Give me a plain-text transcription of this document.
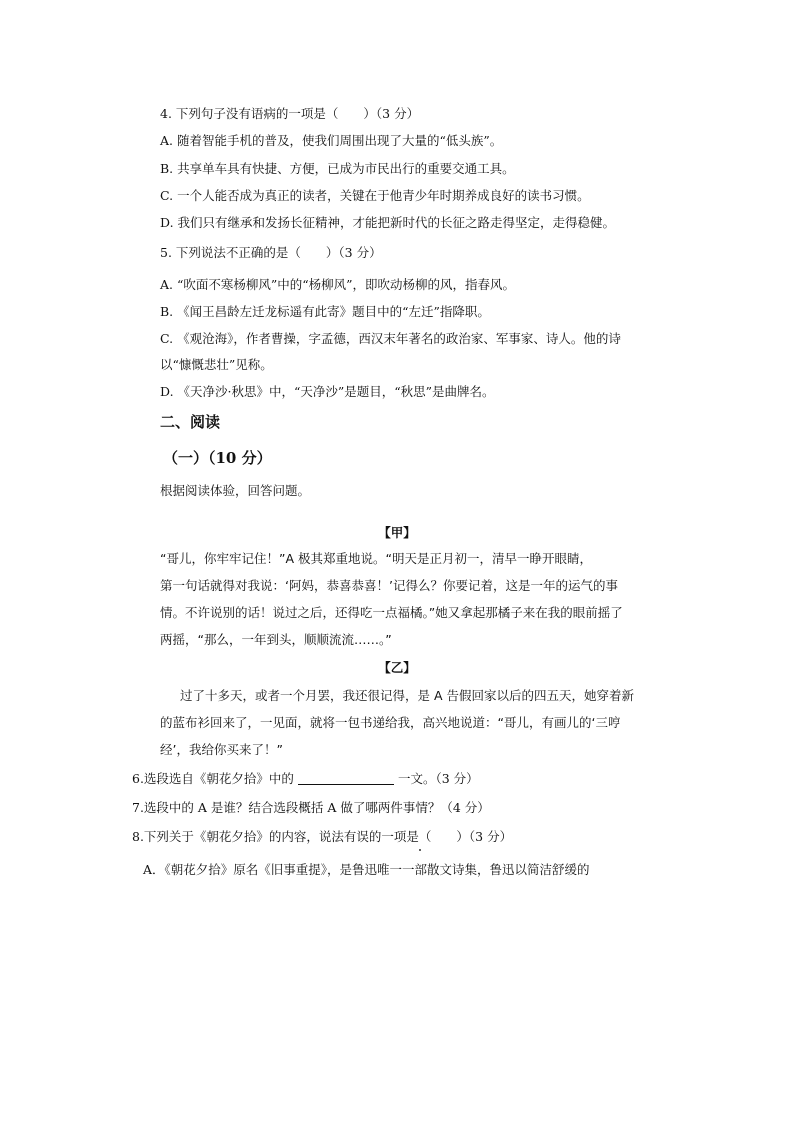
4. 下列句子没有语病的一项是（　　）（3 分）
A. 随着智能手机的普及，使我们周围出现了大量的“低头族”。
B. 共享单车具有快捷、方便，已成为市民出行的重要交通工具。
C. 一个人能否成为真正的读者，关键在于他青少年时期养成良好的读书习惯。
D. 我们只有继承和发扬长征精神，才能把新时代的长征之路走得坚定，走得稳健。
5. 下列说法不正确的是（　　）（3 分）
A. “吹面不寒杨柳风”中的“杨柳风”，即吹动杨柳的风，指春风。
B. 《闻王昌龄左迁龙标遥有此寄》题目中的“左迁”指降职。
C. 《观沧海》，作者曹操，字孟德，西汉末年著名的政治家、军事家、诗人。他的诗
以“慷慨悲壮”见称。
D. 《天净沙·秋思》中，“天净沙”是题目，“秋思”是曲牌名。
二、阅读
（一）（10 分）
根据阅读体验，回答问题。
【甲】
“哥儿，你牢牢记住！”A 极其郑重地说。“明天是正月初一，清早一睁开眼睛，
第一句话就得对我说：‘阿妈，恭喜恭喜！’记得么？你要记着，这是一年的运气的事
情。不许说别的话！说过之后，还得吃一点福橘。”她又拿起那橘子来在我的眼前摇了
两摇，“那么，一年到头，顺顺流流……。”
【乙】
过了十多天，或者一个月罢，我还很记得，是 A 告假回家以后的四五天，她穿着新
的蓝布衫回来了，一见面，就将一包书递给我，高兴地说道：“哥儿，有画儿的‘三哼
经’，我给你买来了！”
6.选段选自《朝花夕拾》中的	一文。（3 分）
7.选段中的 A 是谁？结合选段概括 A 做了哪两件事情？（4 分）
8.下列关于《朝花夕拾》的内容，说法有误的一项是（　　）（3 分）
A．《朝花夕拾》原名《旧事重提》，是鲁迅唯一一部散文诗集，鲁迅以简洁舒缓的
